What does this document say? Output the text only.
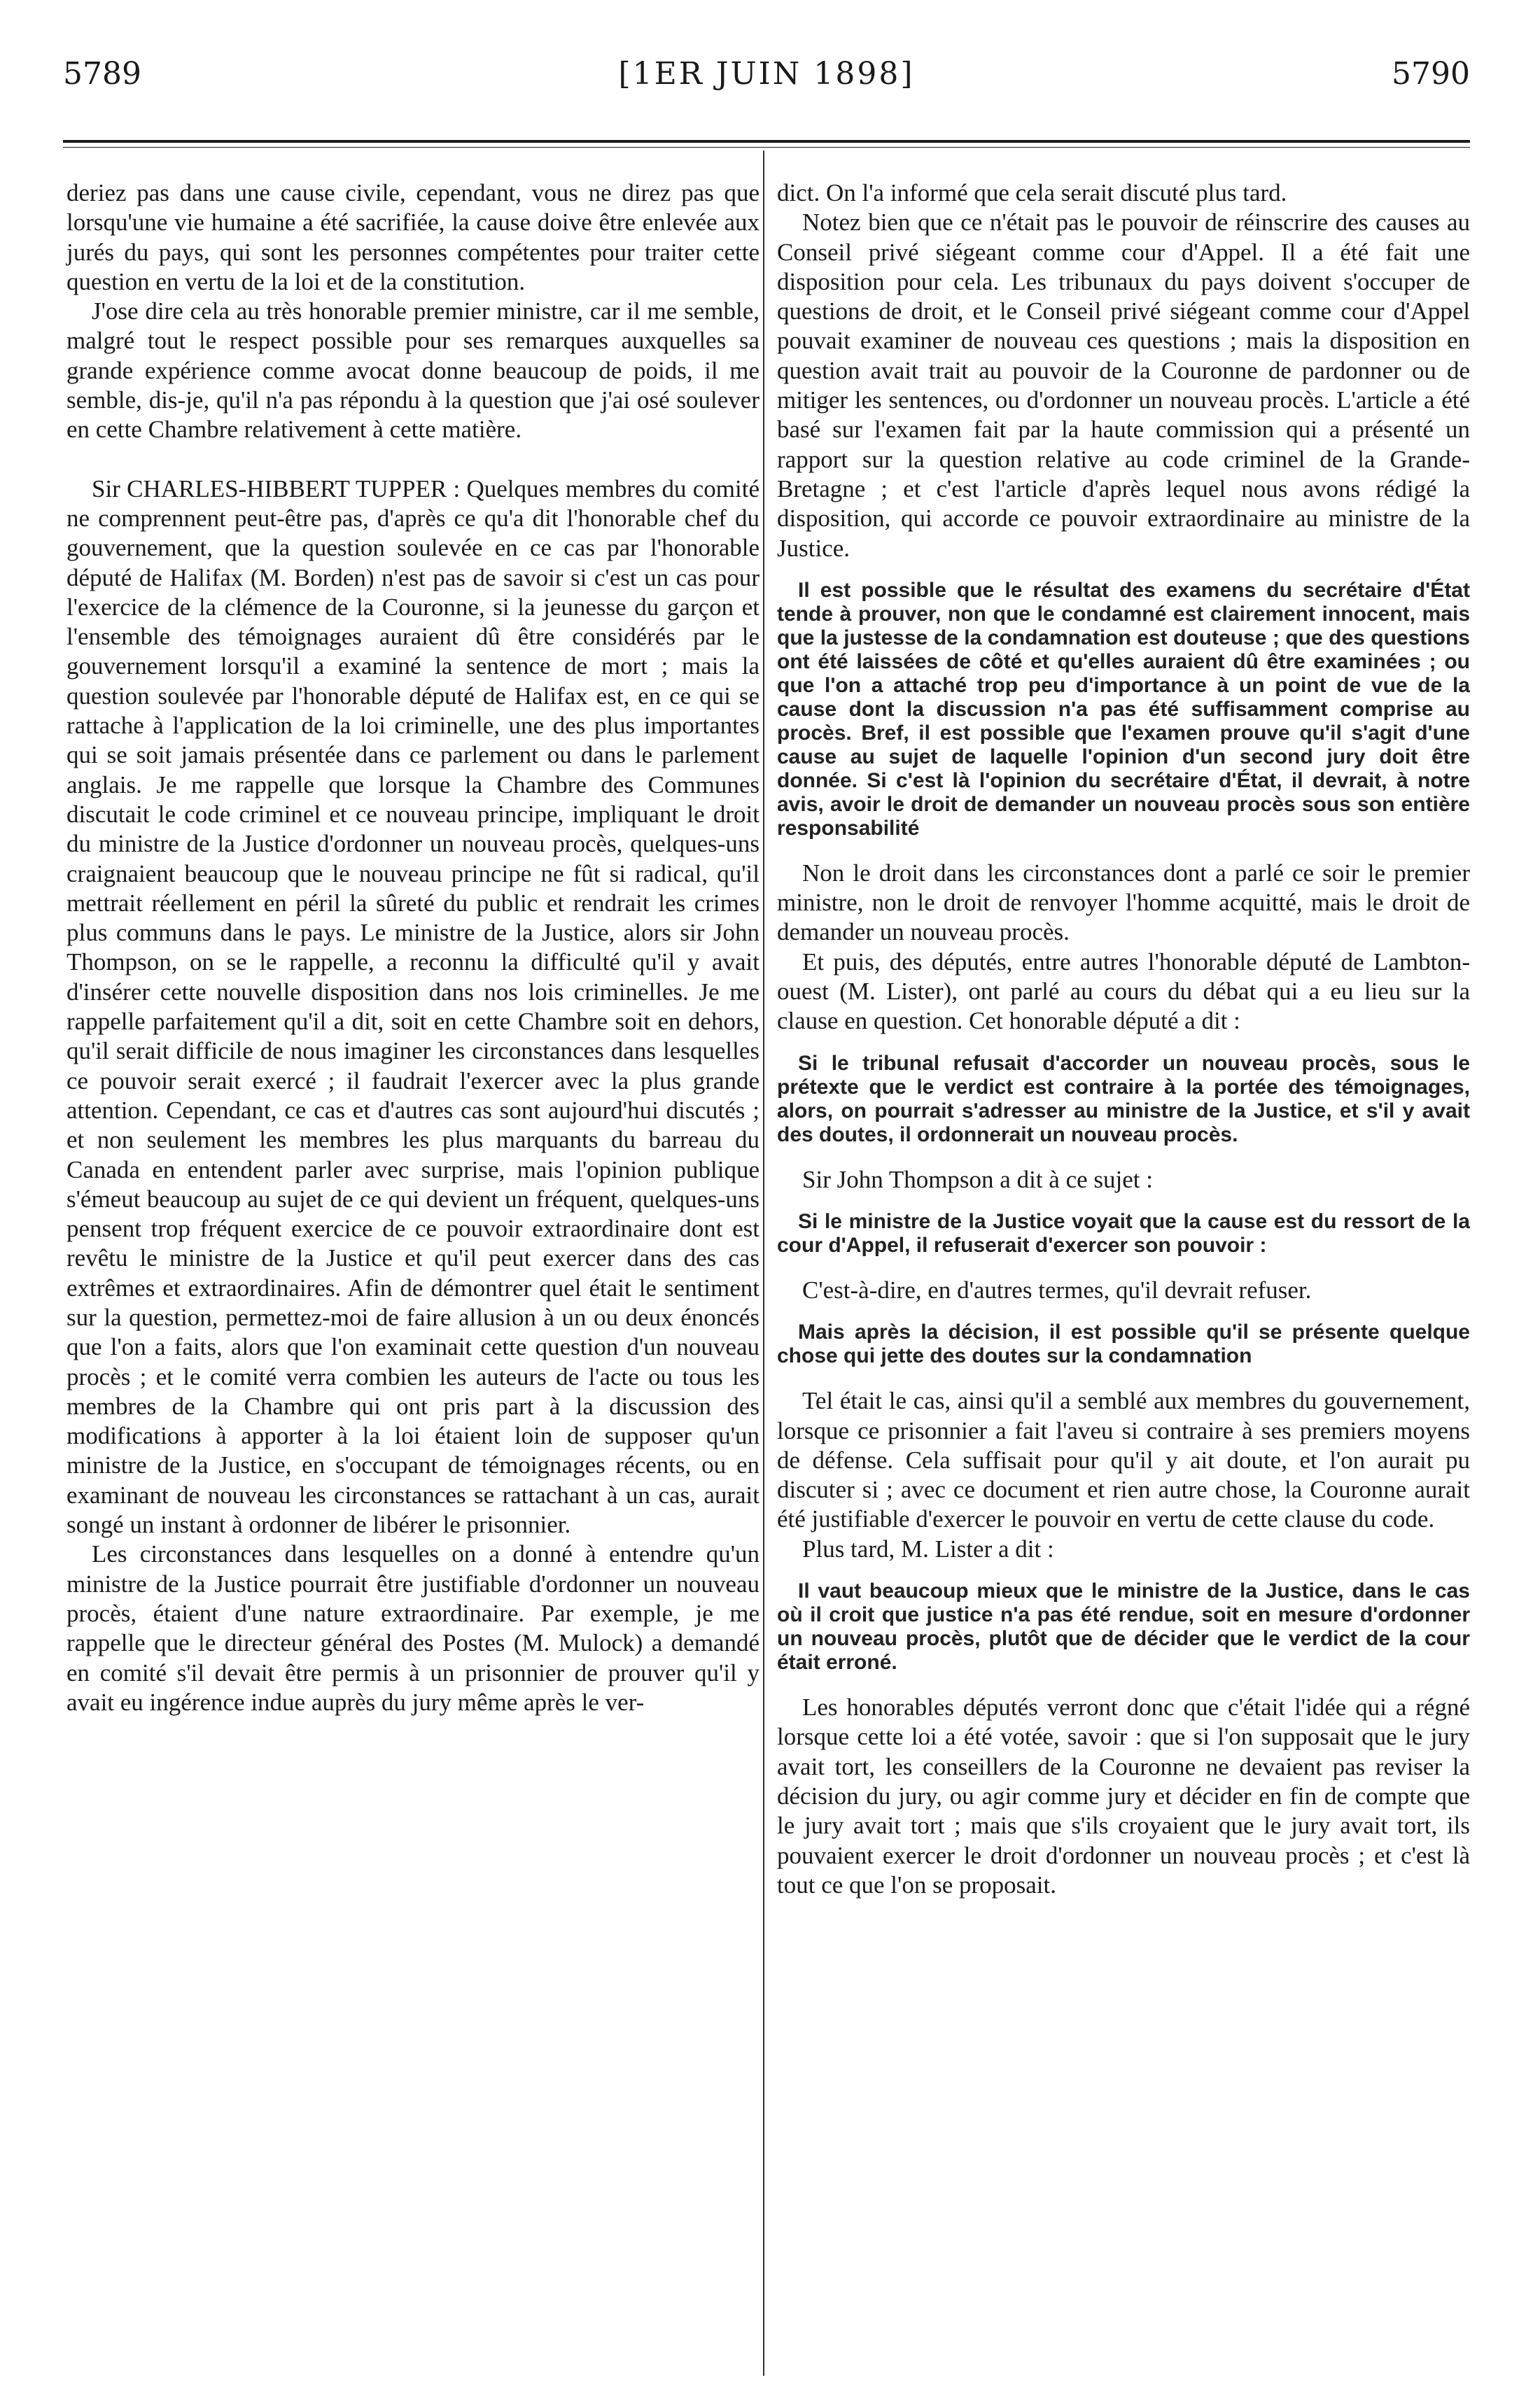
5789	[1ER JUIN 1898]	5790

deriez pas dans une cause civile, cependant, vous ne direz pas que lorsqu'une vie humaine a été sacrifiée, la cause doive être enlevée aux jurés du pays, qui sont les personnes compétentes pour traiter cette question en vertu de la loi et de la constitution.

J'ose dire cela au très honorable premier ministre, car il me semble, malgré tout le respect possible pour ses remarques auxquelles sa grande expérience comme avocat donne beaucoup de poids, il me semble, dis-je, qu'il n'a pas répondu à la question que j'ai osé soulever en cette Chambre relativement à cette matière.

Sir CHARLES-HIBBERT TUPPER : Quelques membres du comité ne comprennent peut-être pas, d'après ce qu'a dit l'honorable chef du gouvernement, que la question soulevée en ce cas par l'honorable député de Halifax (M. Borden) n'est pas de savoir si c'est un cas pour l'exercice de la clémence de la Couronne, si la jeunesse du garçon et l'ensemble des témoignages auraient dû être considérés par le gouvernement lorsqu'il a examiné la sentence de mort ; mais la question soulevée par l'honorable député de Halifax est, en ce qui se rattache à l'application de la loi criminelle, une des plus importantes qui se soit jamais présentée dans ce parlement ou dans le parlement anglais. Je me rappelle que lorsque la Chambre des Communes discutait le code criminel et ce nouveau principe, impliquant le droit du ministre de la Justice d'ordonner un nouveau procès, quelques-uns craignaient beaucoup que le nouveau principe ne fût si radical, qu'il mettrait réellement en péril la sûreté du public et rendrait les crimes plus communs dans le pays. Le ministre de la Justice, alors sir John Thompson, on se le rappelle, a reconnu la difficulté qu'il y avait d'insérer cette nouvelle disposition dans nos lois criminelles. Je me rappelle parfaitement qu'il a dit, soit en cette Chambre soit en dehors, qu'il serait difficile de nous imaginer les circonstances dans lesquelles ce pouvoir serait exercé ; il faudrait l'exercer avec la plus grande attention. Cependant, ce cas et d'autres cas sont aujourd'hui discutés ; et non seulement les membres les plus marquants du barreau du Canada en entendent parler avec surprise, mais l'opinion publique s'émeut beaucoup au sujet de ce qui devient un fréquent, quelques-uns pensent trop fréquent exercice de ce pouvoir extraordinaire dont est revêtu le ministre de la Justice et qu'il peut exercer dans des cas extrêmes et extraordinaires. Afin de démontrer quel était le sentiment sur la question, permettez-moi de faire allusion à un ou deux énoncés que l'on a faits, alors que l'on examinait cette question d'un nouveau procès ; et le comité verra combien les auteurs de l'acte ou tous les membres de la Chambre qui ont pris part à la discussion des modifications à apporter à la loi étaient loin de supposer qu'un ministre de la Justice, en s'occupant de témoignages récents, ou en examinant de nouveau les circonstances se rattachant à un cas, aurait songé un instant à ordonner de libérer le prisonnier.

Les circonstances dans lesquelles on a donné à entendre qu'un ministre de la Justice pourrait être justifiable d'ordonner un nouveau procès, étaient d'une nature extraordinaire. Par exemple, je me rappelle que le directeur général des Postes (M. Mulock) a demandé en comité s'il devait être permis à un prisonnier de prouver qu'il y avait eu ingérence indue auprès du jury même après le ver-

dict. On l'a informé que cela serait discuté plus tard.

Notez bien que ce n'était pas le pouvoir de réinscrire des causes au Conseil privé siégeant comme cour d'Appel. Il a été fait une disposition pour cela. Les tribunaux du pays doivent s'occuper de questions de droit, et le Conseil privé siégeant comme cour d'Appel pouvait examiner de nouveau ces questions ; mais la disposition en question avait trait au pouvoir de la Couronne de pardonner ou de mitiger les sentences, ou d'ordonner un nouveau procès. L'article a été basé sur l'examen fait par la haute commission qui a présenté un rapport sur la question relative au code criminel de la Grande-Bretagne ; et c'est l'article d'après lequel nous avons rédigé la disposition, qui accorde ce pouvoir extraordinaire au ministre de la Justice.

Il est possible que le résultat des examens du secrétaire d'État tende à prouver, non que le condamné est clairement innocent, mais que la justesse de la condamnation est douteuse ; que des questions ont été laissées de côté et qu'elles auraient dû être examinées ; ou que l'on a attaché trop peu d'importance à un point de vue de la cause dont la discussion n'a pas été suffisamment comprise au procès. Bref, il est possible que l'examen prouve qu'il s'agit d'une cause au sujet de laquelle l'opinion d'un second jury doit être donnée. Si c'est là l'opinion du secrétaire d'État, il devrait, à notre avis, avoir le droit de demander un nouveau procès sous son entière responsabilité

Non le droit dans les circonstances dont a parlé ce soir le premier ministre, non le droit de renvoyer l'homme acquitté, mais le droit de demander un nouveau procès.

Et puis, des députés, entre autres l'honorable député de Lambton-ouest (M. Lister), ont parlé au cours du débat qui a eu lieu sur la clause en question. Cet honorable député a dit :

Si le tribunal refusait d'accorder un nouveau procès, sous le prétexte que le verdict est contraire à la portée des témoignages, alors, on pourrait s'adresser au ministre de la Justice, et s'il y avait des doutes, il ordonnerait un nouveau procès.

Sir John Thompson a dit à ce sujet :

Si le ministre de la Justice voyait que la cause est du ressort de la cour d'Appel, il refuserait d'exercer son pouvoir :

C'est-à-dire, en d'autres termes, qu'il devrait refuser.

Mais après la décision, il est possible qu'il se présente quelque chose qui jette des doutes sur la condamnation

Tel était le cas, ainsi qu'il a semblé aux membres du gouvernement, lorsque ce prisonnier a fait l'aveu si contraire à ses premiers moyens de défense. Cela suffisait pour qu'il y ait doute, et l'on aurait pu discuter si ; avec ce document et rien autre chose, la Couronne aurait été justifiable d'exercer le pouvoir en vertu de cette clause du code.

Plus tard, M. Lister a dit :

Il vaut beaucoup mieux que le ministre de la Justice, dans le cas où il croit que justice n'a pas été rendue, soit en mesure d'ordonner un nouveau procès, plutôt que de décider que le verdict de la cour était erroné.

Les honorables députés verront donc que c'était l'idée qui a régné lorsque cette loi a été votée, savoir : que si l'on supposait que le jury avait tort, les conseillers de la Couronne ne devaient pas reviser la décision du jury, ou agir comme jury et décider en fin de compte que le jury avait tort ; mais que s'ils croyaient que le jury avait tort, ils pouvaient exercer le droit d'ordonner un nouveau procès ; et c'est là tout ce que l'on se proposait.
